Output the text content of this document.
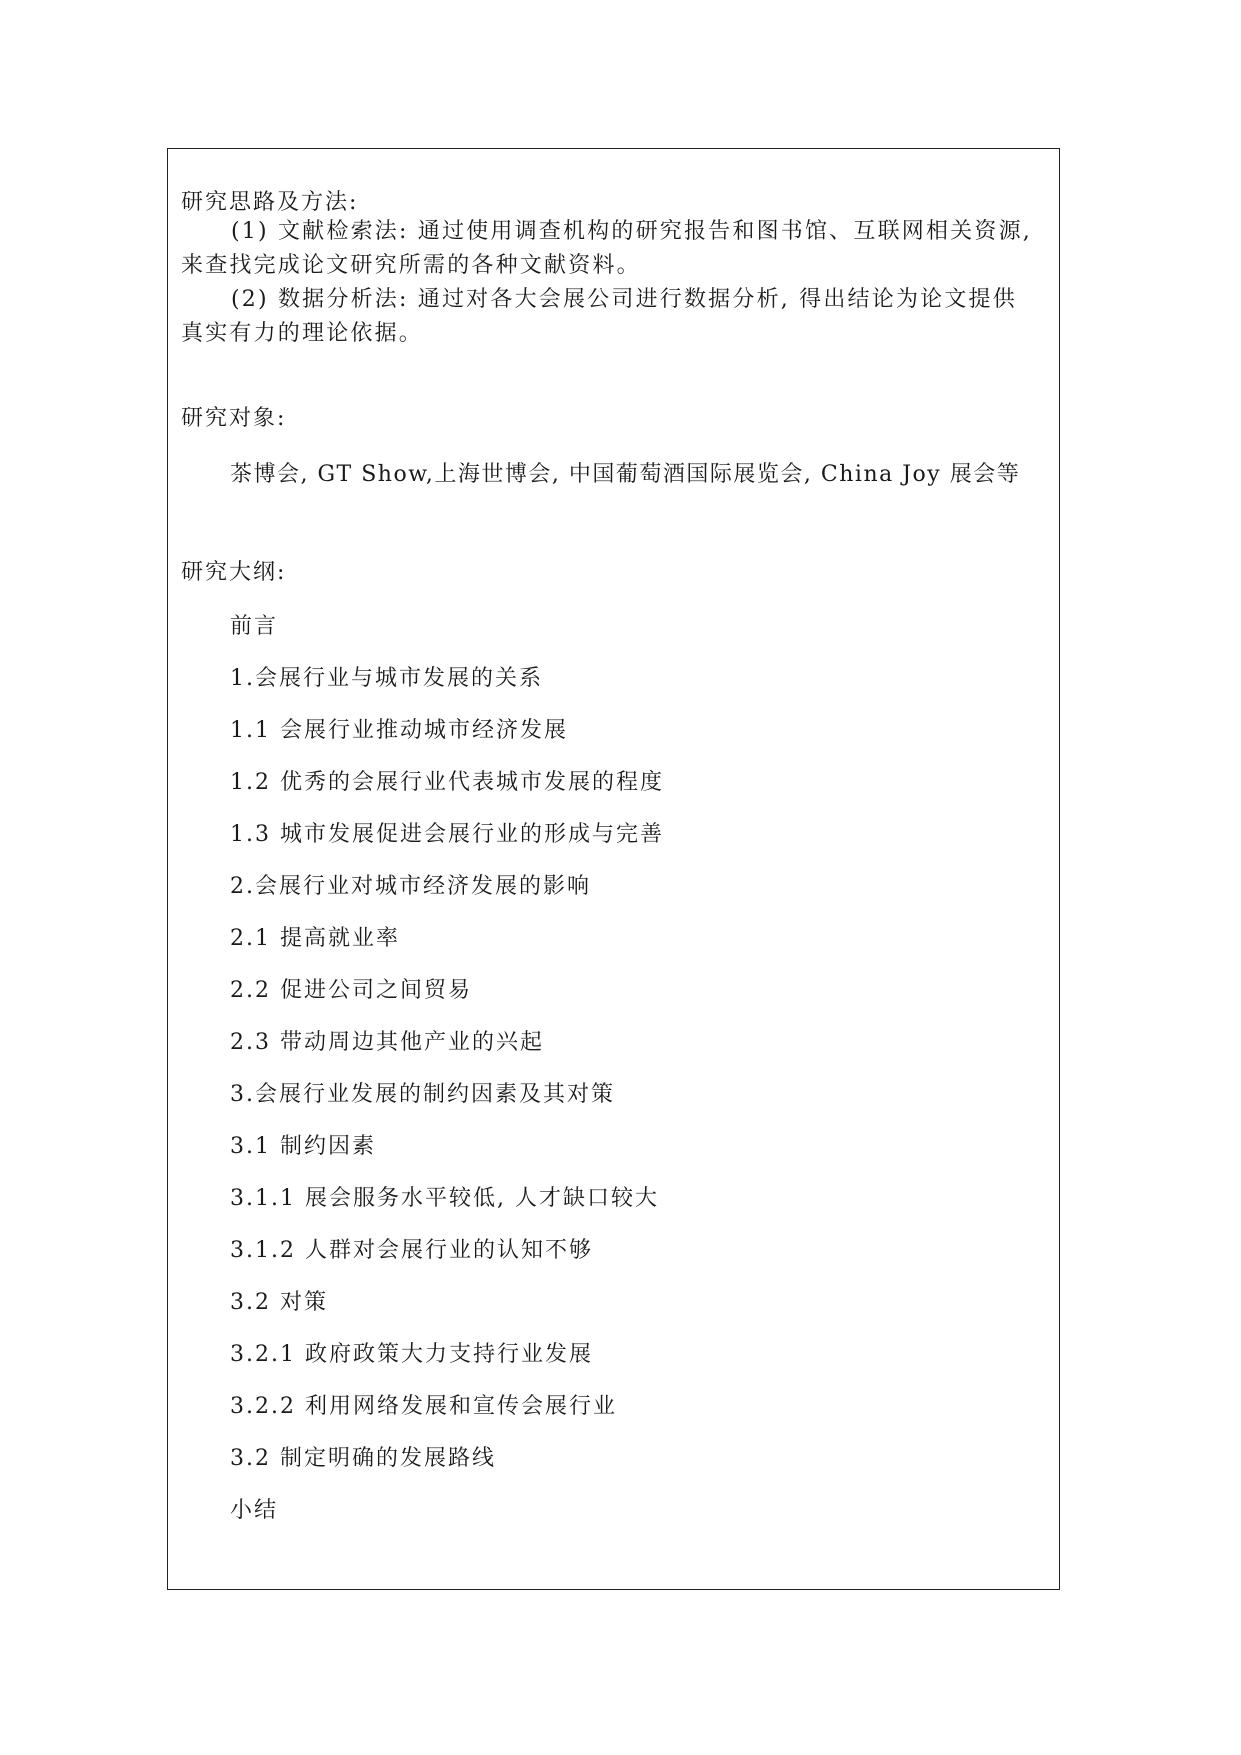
研究思路及方法:
(1) 文献检索法: 通过使用调查机构的研究报告和图书馆、互联网相关资源,
来查找完成论文研究所需的各种文献资料。
(2) 数据分析法: 通过对各大会展公司进行数据分析, 得出结论为论文提供
真实有力的理论依据。
研究对象:
茶博会, GT Show,上海世博会, 中国葡萄酒国际展览会, China Joy 展会等
研究大纲:
前言
1.会展行业与城市发展的关系
1.1 会展行业推动城市经济发展
1.2 优秀的会展行业代表城市发展的程度
1.3 城市发展促进会展行业的形成与完善
2.会展行业对城市经济发展的影响
2.1 提高就业率
2.2 促进公司之间贸易
2.3 带动周边其他产业的兴起
3.会展行业发展的制约因素及其对策
3.1 制约因素
3.1.1 展会服务水平较低, 人才缺口较大
3.1.2 人群对会展行业的认知不够
3.2 对策
3.2.1 政府政策大力支持行业发展
3.2.2 利用网络发展和宣传会展行业
3.2 制定明确的发展路线
小结
